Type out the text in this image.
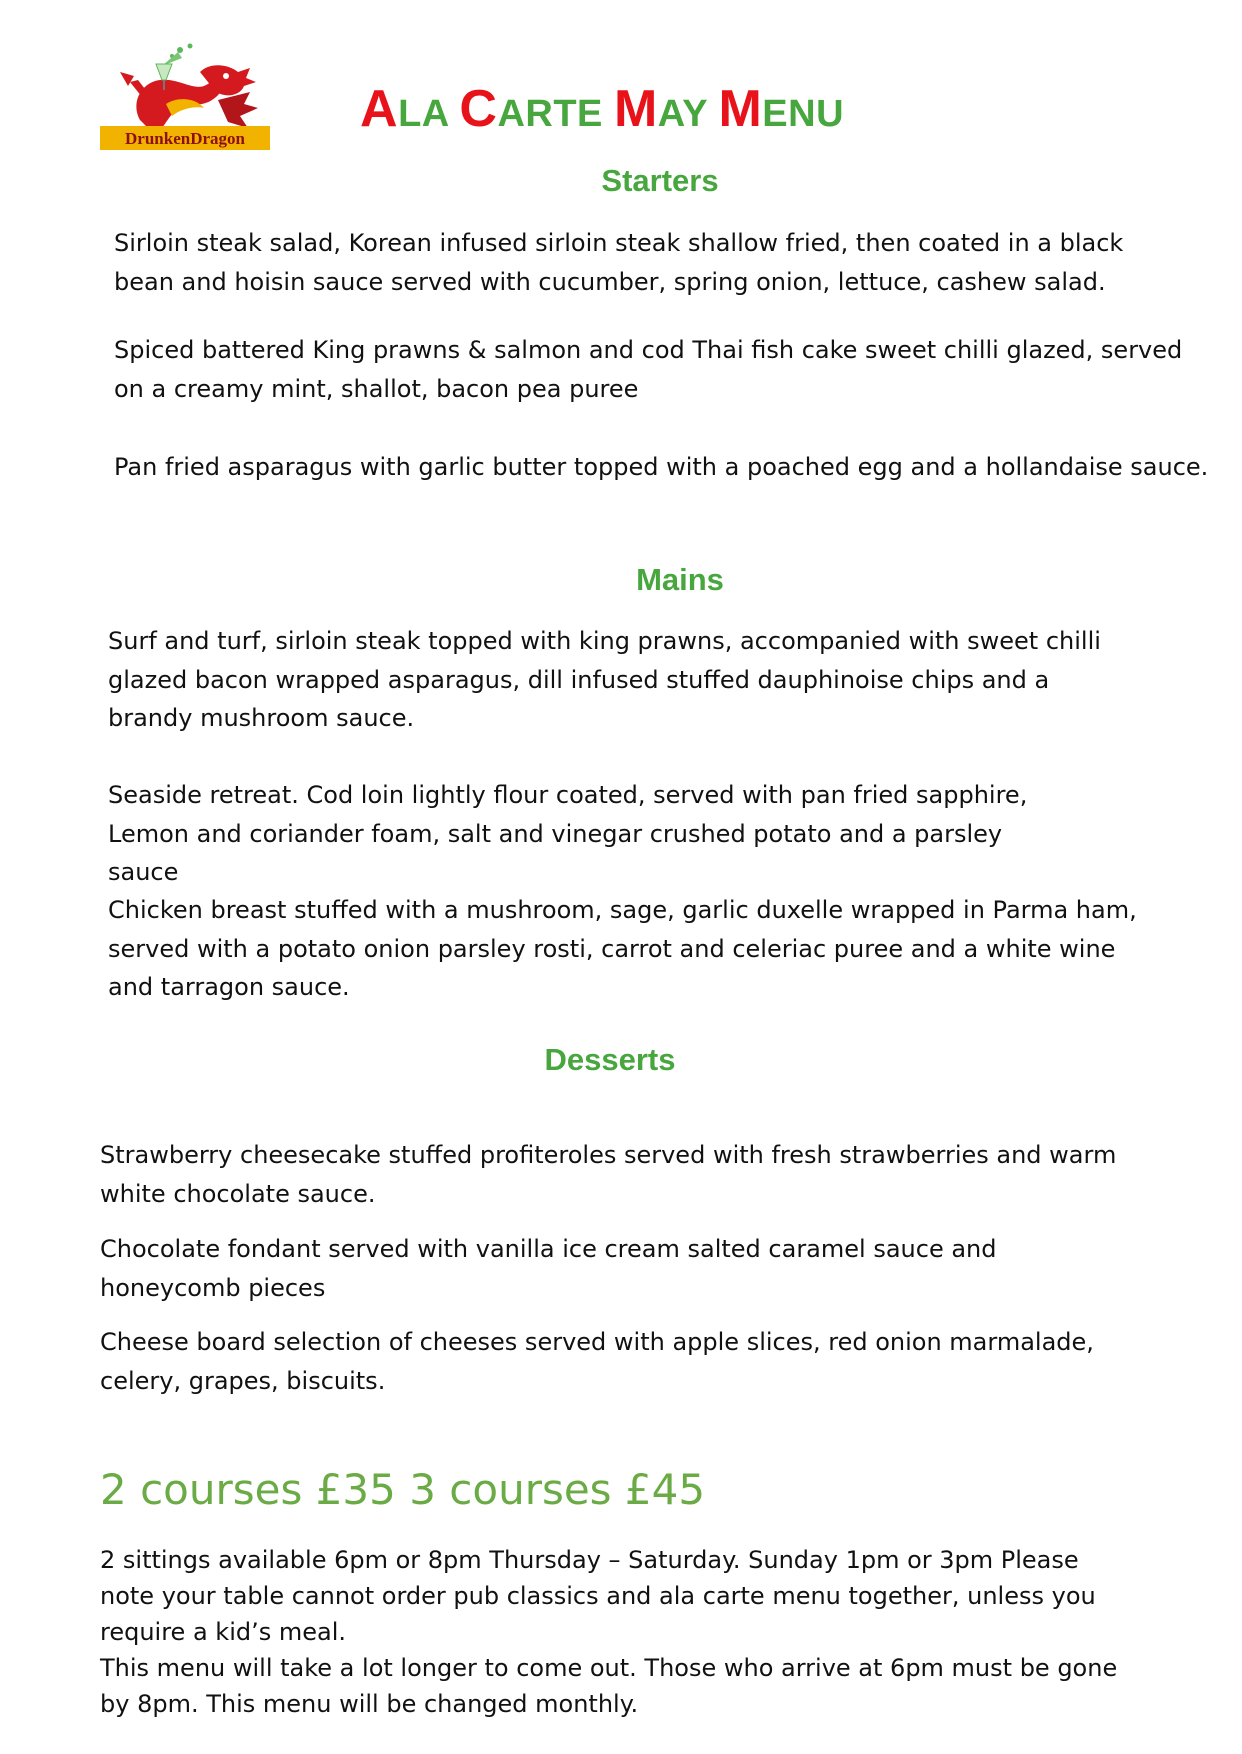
DrunkenDragon
ALA CARTE MAY MENU
Starters

Sirloin steak salad, Korean infused sirloin steak shallow fried, then coated in a black bean and hoisin sauce served with cucumber, spring onion, lettuce, cashew salad.

Spiced battered King prawns & salmon and cod Thai fish cake sweet chilli glazed, served on a creamy mint, shallot, bacon pea puree

Pan fried asparagus with garlic butter topped with a poached egg and a hollandaise sauce.

Mains

Surf and turf, sirloin steak topped with king prawns, accompanied with sweet chilli glazed bacon wrapped asparagus, dill infused stuffed dauphinoise chips and a brandy mushroom sauce.

Seaside retreat. Cod loin lightly flour coated, served with pan fried sapphire, Lemon and coriander foam, salt and vinegar crushed potato and a parsley sauce

Chicken breast stuffed with a mushroom, sage, garlic duxelle wrapped in Parma ham, served with a potato onion parsley rosti, carrot and celeriac puree and a white wine and tarragon sauce.

Desserts

Strawberry cheesecake stuffed profiteroles served with fresh strawberries and warm white chocolate sauce.

Chocolate fondant served with vanilla ice cream salted caramel sauce and honeycomb pieces

Cheese board selection of cheeses served with apple slices, red onion marmalade, celery, grapes, biscuits.

2 courses £35 3 courses £45

2 sittings available 6pm or 8pm Thursday – Saturday. Sunday 1pm or 3pm Please note your table cannot order pub classics and ala carte menu together, unless you require a kid’s meal.

This menu will take a lot longer to come out. Those who arrive at 6pm must be gone by 8pm. This menu will be changed monthly.
